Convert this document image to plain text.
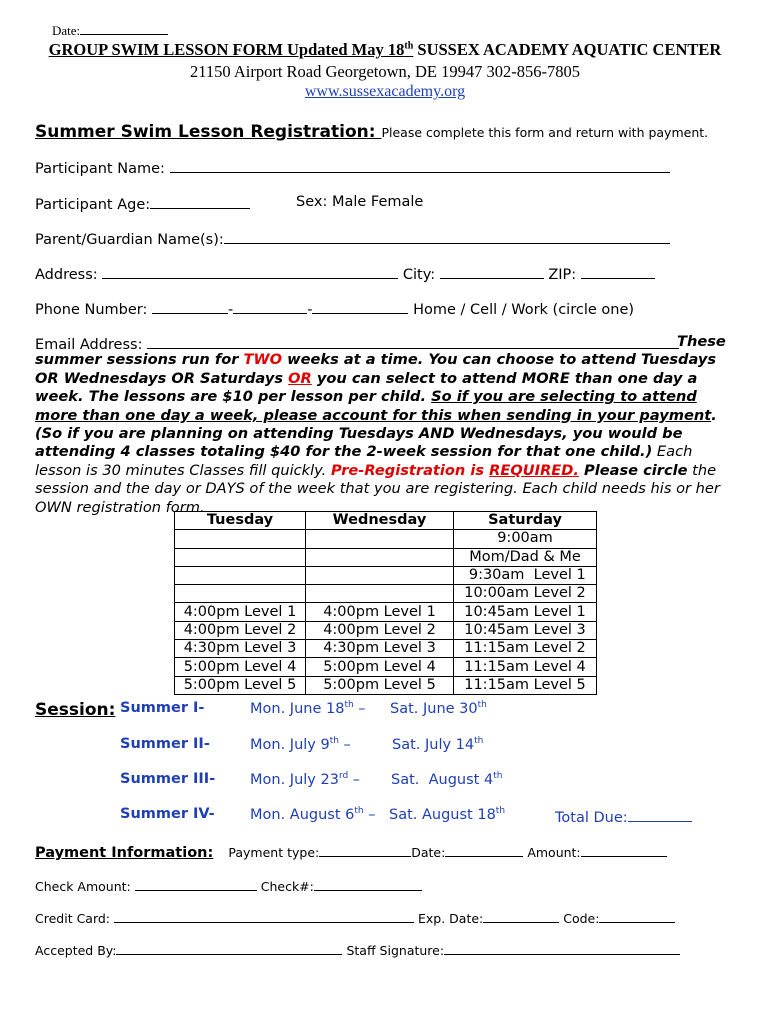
Date:
GROUP SWIM LESSON FORM Updated May 18th SUSSEX ACADEMY AQUATIC CENTER
21150 Airport Road Georgetown, DE 19947 302-856-7805
www.sussexacademy.org
Summer Swim Lesson Registration: Please complete this form and return with payment.
Participant Name:
Participant Age:	Sex: Male Female
Parent/Guardian Name(s):
Address:	City:	ZIP:
Phone Number:	-	-	Home / Cell / Work (circle one)
Email Address:	These summer sessions run for TWO weeks at a time. You can choose to attend Tuesdays OR Wednesdays OR Saturdays OR you can select to attend MORE than one day a week. The lessons are $10 per lesson per child. So if you are selecting to attend more than one day a week, please account for this when sending in your payment. (So if you are planning on attending Tuesdays AND Wednesdays, you would be attending 4 classes totaling $40 for the 2-week session for that one child.) Each lesson is 30 minutes Classes fill quickly. Pre-Registration is REQUIRED. Please circle the session and the day or DAYS of the week that you are registering. Each child needs his or her OWN registration form.
Tuesday	Wednesday	Saturday
		9:00am
		Mom/Dad & Me
		9:30am  Level 1
		10:00am Level 2
4:00pm Level 1	4:00pm Level 1	10:45am Level 1
4:00pm Level 2	4:00pm Level 2	10:45am Level 3
4:30pm Level 3	4:30pm Level 3	11:15am Level 2
5:00pm Level 4	5:00pm Level 4	11:15am Level 4
5:00pm Level 5	5:00pm Level 5	11:15am Level 5
Session: Summer I-	Mon. June 18th – Sat. June 30th
Summer II-	Mon. July 9th –	Sat. July 14th
Summer III- Mon. July 23rd – Sat.  August 4th
Summer IV- Mon. August 6th – Sat. August 18th	Total Due:
Payment Information: Payment type:	Date:	Amount:
Check Amount:	Check#:
Credit Card:	Exp. Date:	Code:
Accepted By:	Staff Signature:
